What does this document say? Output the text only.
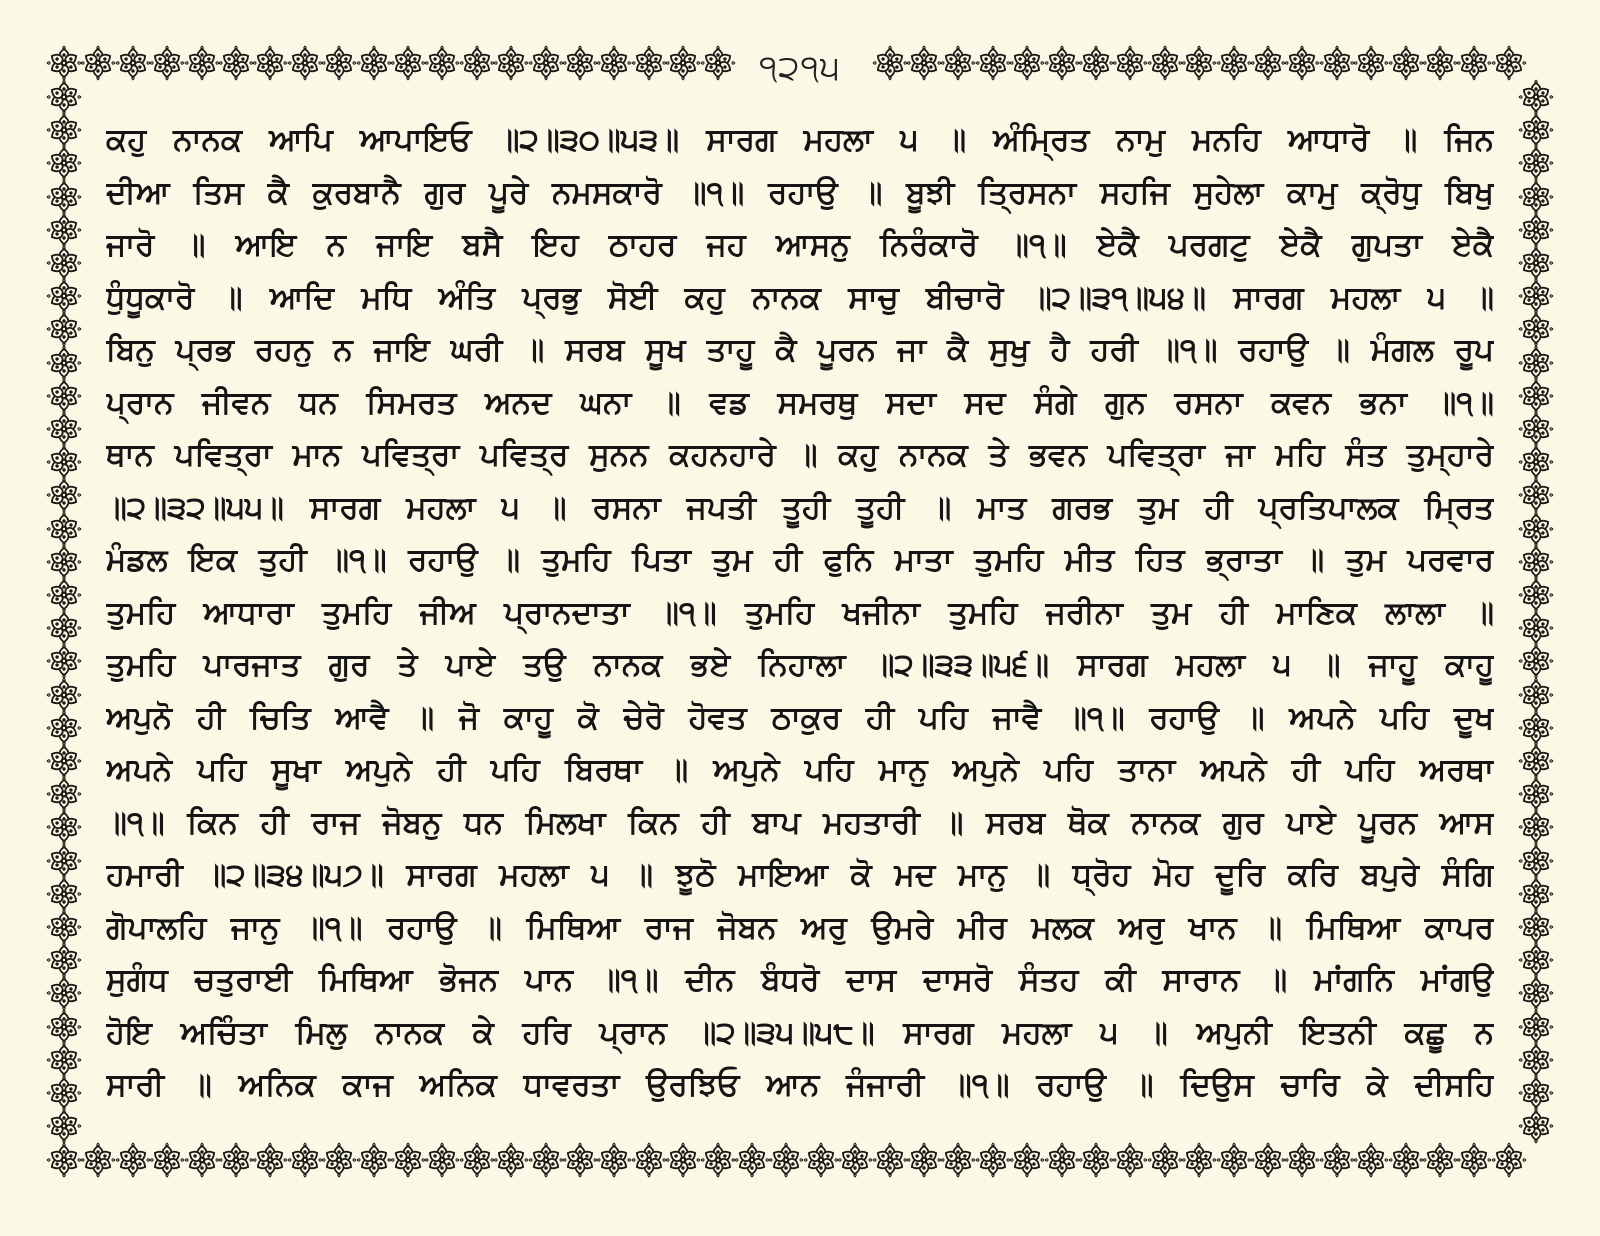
੧੨੧੫
ਕਹੁ ਨਾਨਕ ਆਪਿ ਆਪਾਇਓ ॥੨॥੩੦॥੫੩॥ ਸਾਰਗ ਮਹਲਾ ੫ ॥ ਅੰਮ੍ਰਿਤ ਨਾਮੁ ਮਨਹਿ ਆਧਾਰੋ ॥ ਜਿਨ
ਦੀਆ ਤਿਸ ਕੈ ਕੁਰਬਾਨੈ ਗੁਰ ਪੂਰੇ ਨਮਸਕਾਰੋ ॥੧॥ ਰਹਾਉ ॥ ਬੂਝੀ ਤ੍ਰਿਸਨਾ ਸਹਜਿ ਸੁਹੇਲਾ ਕਾਮੁ ਕ੍ਰੋਧੁ ਬਿਖੁ
ਜਾਰੋ ॥ ਆਇ ਨ ਜਾਇ ਬਸੈ ਇਹ ਠਾਹਰ ਜਹ ਆਸਨੁ ਨਿਰੰਕਾਰੋ ॥੧॥ ਏਕੈ ਪਰਗਟੁ ਏਕੈ ਗੁਪਤਾ ਏਕੈ
ਧੁੰਧੂਕਾਰੋ ॥ ਆਦਿ ਮਧਿ ਅੰਤਿ ਪ੍ਰਭੁ ਸੋਈ ਕਹੁ ਨਾਨਕ ਸਾਚੁ ਬੀਚਾਰੋ ॥੨॥੩੧॥੫੪॥ ਸਾਰਗ ਮਹਲਾ ੫ ॥
ਬਿਨੁ ਪ੍ਰਭ ਰਹਨੁ ਨ ਜਾਇ ਘਰੀ ॥ ਸਰਬ ਸੂਖ ਤਾਹੂ ਕੈ ਪੂਰਨ ਜਾ ਕੈ ਸੁਖੁ ਹੈ ਹਰੀ ॥੧॥ ਰਹਾਉ ॥ ਮੰਗਲ ਰੂਪ
ਪ੍ਰਾਨ ਜੀਵਨ ਧਨ ਸਿਮਰਤ ਅਨਦ ਘਨਾ ॥ ਵਡ ਸਮਰਥੁ ਸਦਾ ਸਦ ਸੰਗੇ ਗੁਨ ਰਸਨਾ ਕਵਨ ਭਨਾ ॥੧॥
ਥਾਨ ਪਵਿਤ੍ਰਾ ਮਾਨ ਪਵਿਤ੍ਰਾ ਪਵਿਤ੍ਰ ਸੁਨਨ ਕਹਨਹਾਰੇ ॥ ਕਹੁ ਨਾਨਕ ਤੇ ਭਵਨ ਪਵਿਤ੍ਰਾ ਜਾ ਮਹਿ ਸੰਤ ਤੁਮ੍ਹਾਰੇ
॥੨॥੩੨॥੫੫॥ ਸਾਰਗ ਮਹਲਾ ੫ ॥ ਰਸਨਾ ਜਪਤੀ ਤੂਹੀ ਤੂਹੀ ॥ ਮਾਤ ਗਰਭ ਤੁਮ ਹੀ ਪ੍ਰਤਿਪਾਲਕ ਮ੍ਰਿਤ
ਮੰਡਲ ਇਕ ਤੁਹੀ ॥੧॥ ਰਹਾਉ ॥ ਤੁਮਹਿ ਪਿਤਾ ਤੁਮ ਹੀ ਫੁਨਿ ਮਾਤਾ ਤੁਮਹਿ ਮੀਤ ਹਿਤ ਭ੍ਰਾਤਾ ॥ ਤੁਮ ਪਰਵਾਰ
ਤੁਮਹਿ ਆਧਾਰਾ ਤੁਮਹਿ ਜੀਅ ਪ੍ਰਾਨਦਾਤਾ ॥੧॥ ਤੁਮਹਿ ਖਜੀਨਾ ਤੁਮਹਿ ਜਰੀਨਾ ਤੁਮ ਹੀ ਮਾਣਿਕ ਲਾਲਾ ॥
ਤੁਮਹਿ ਪਾਰਜਾਤ ਗੁਰ ਤੇ ਪਾਏ ਤਉ ਨਾਨਕ ਭਏ ਨਿਹਾਲਾ ॥੨॥੩੩॥੫੬॥ ਸਾਰਗ ਮਹਲਾ ੫ ॥ ਜਾਹੂ ਕਾਹੂ
ਅਪੁਨੋ ਹੀ ਚਿਤਿ ਆਵੈ ॥ ਜੋ ਕਾਹੂ ਕੋ ਚੇਰੋ ਹੋਵਤ ਠਾਕੁਰ ਹੀ ਪਹਿ ਜਾਵੈ ॥੧॥ ਰਹਾਉ ॥ ਅਪਨੇ ਪਹਿ ਦੂਖ
ਅਪਨੇ ਪਹਿ ਸੂਖਾ ਅਪੁਨੇ ਹੀ ਪਹਿ ਬਿਰਥਾ ॥ ਅਪੁਨੇ ਪਹਿ ਮਾਨੁ ਅਪੁਨੇ ਪਹਿ ਤਾਨਾ ਅਪਨੇ ਹੀ ਪਹਿ ਅਰਥਾ
॥੧॥ ਕਿਨ ਹੀ ਰਾਜ ਜੋਬਨੁ ਧਨ ਮਿਲਖਾ ਕਿਨ ਹੀ ਬਾਪ ਮਹਤਾਰੀ ॥ ਸਰਬ ਥੋਕ ਨਾਨਕ ਗੁਰ ਪਾਏ ਪੂਰਨ ਆਸ
ਹਮਾਰੀ ॥੨॥੩੪॥੫੭॥ ਸਾਰਗ ਮਹਲਾ ੫ ॥ ਝੂਠੋ ਮਾਇਆ ਕੋ ਮਦ ਮਾਨੁ ॥ ਧ੍ਰੋਹ ਮੋਹ ਦੂਰਿ ਕਰਿ ਬਪੁਰੇ ਸੰਗਿ
ਗੋਪਾਲਹਿ ਜਾਨੁ ॥੧॥ ਰਹਾਉ ॥ ਮਿਥਿਆ ਰਾਜ ਜੋਬਨ ਅਰੁ ਉਮਰੇ ਮੀਰ ਮਲਕ ਅਰੁ ਖਾਨ ॥ ਮਿਥਿਆ ਕਾਪਰ
ਸੁਗੰਧ ਚਤੁਰਾਈ ਮਿਥਿਆ ਭੋਜਨ ਪਾਨ ॥੧॥ ਦੀਨ ਬੰਧਰੋ ਦਾਸ ਦਾਸਰੋ ਸੰਤਹ ਕੀ ਸਾਰਾਨ ॥ ਮਾਂਗਨਿ ਮਾਂਗਉ
ਹੋਇ ਅਚਿੰਤਾ ਮਿਲੁ ਨਾਨਕ ਕੇ ਹਰਿ ਪ੍ਰਾਨ ॥੨॥੩੫॥੫੮॥ ਸਾਰਗ ਮਹਲਾ ੫ ॥ ਅਪੁਨੀ ਇਤਨੀ ਕਛੂ ਨ
ਸਾਰੀ ॥ ਅਨਿਕ ਕਾਜ ਅਨਿਕ ਧਾਵਰਤਾ ਉਰਝਿਓ ਆਨ ਜੰਜਾਰੀ ॥੧॥ ਰਹਾਉ ॥ ਦਿਉਸ ਚਾਰਿ ਕੇ ਦੀਸਹਿ
